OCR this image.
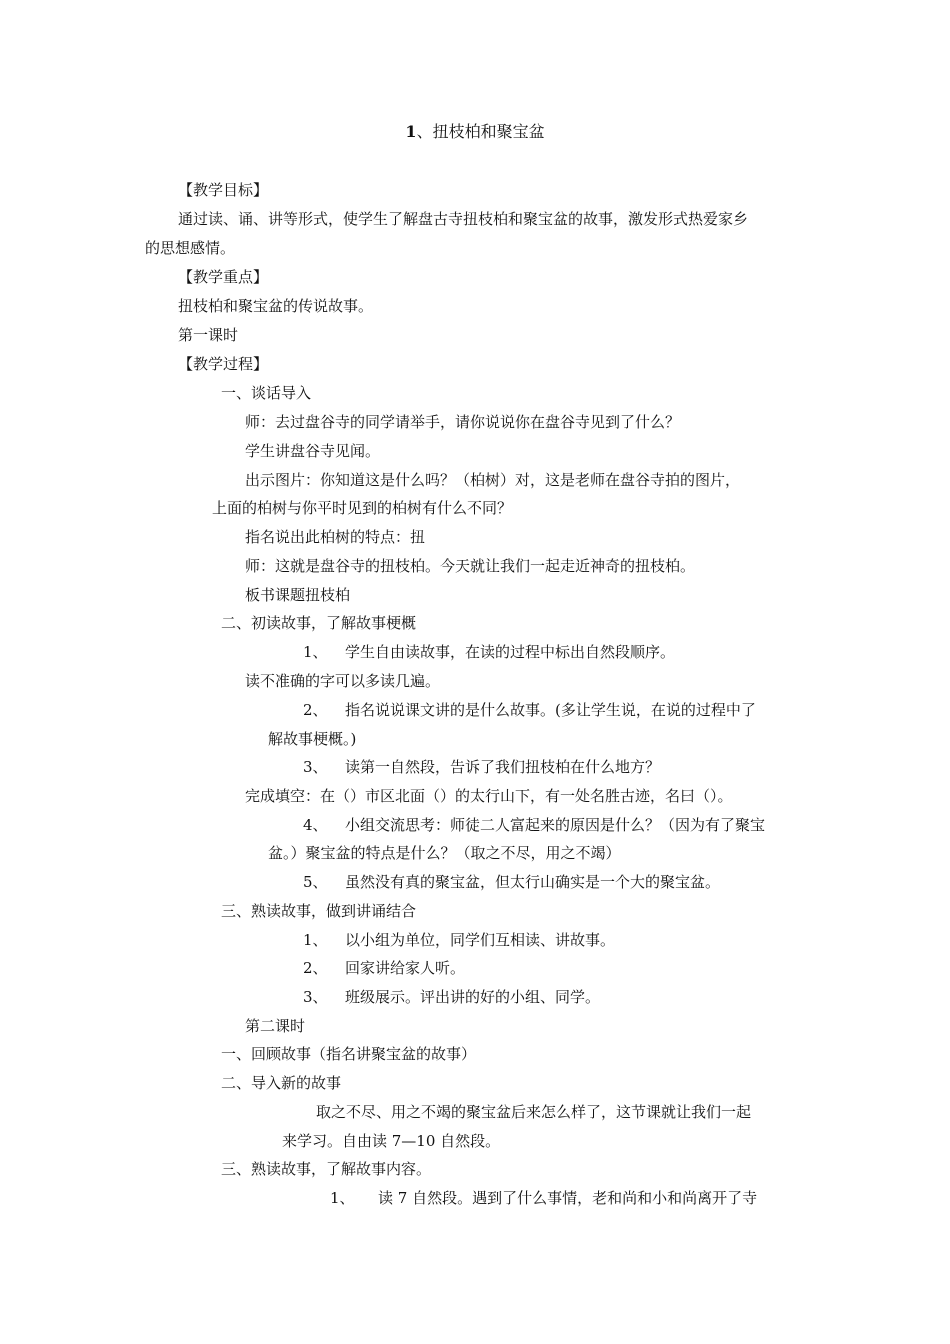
1、扭枝柏和聚宝盆
【教学目标】
通过读、诵、讲等形式，使学生了解盘古寺扭枝柏和聚宝盆的故事，激发形式热爱家乡
的思想感情。
【教学重点】
扭枝柏和聚宝盆的传说故事。
第一课时
【教学过程】
一、谈话导入
师：去过盘谷寺的同学请举手，请你说说你在盘谷寺见到了什么？
学生讲盘谷寺见闻。
出示图片：你知道这是什么吗？（柏树）对，这是老师在盘谷寺拍的图片，
上面的柏树与你平时见到的柏树有什么不同？
指名说出此柏树的特点：扭
师：这就是盘谷寺的扭枝柏。今天就让我们一起走近神奇的扭枝柏。
板书课题扭枝柏
二、初读故事，了解故事梗概
1、 学生自由读故事，在读的过程中标出自然段顺序。
读不准确的字可以多读几遍。
2、 指名说说课文讲的是什么故事。(多让学生说，在说的过程中了
解故事梗概。)
3、 读第一自然段，告诉了我们扭枝柏在什么地方？
完成填空：在（）市区北面（）的太行山下，有一处名胜古迹，名曰（）。
4、 小组交流思考：师徒二人富起来的原因是什么？（因为有了聚宝
盆。）聚宝盆的特点是什么？（取之不尽，用之不竭）
5、 虽然没有真的聚宝盆，但太行山确实是一个大的聚宝盆。
三、熟读故事，做到讲诵结合
1、 以小组为单位，同学们互相读、讲故事。
2、 回家讲给家人听。
3、 班级展示。评出讲的好的小组、同学。
第二课时
一、回顾故事（指名讲聚宝盆的故事）
二、导入新的故事
取之不尽、用之不竭的聚宝盆后来怎么样了，这节课就让我们一起
来学习。自由读 7—10 自然段。
三、熟读故事，了解故事内容。
1、 读 7 自然段。遇到了什么事情，老和尚和小和尚离开了寺
